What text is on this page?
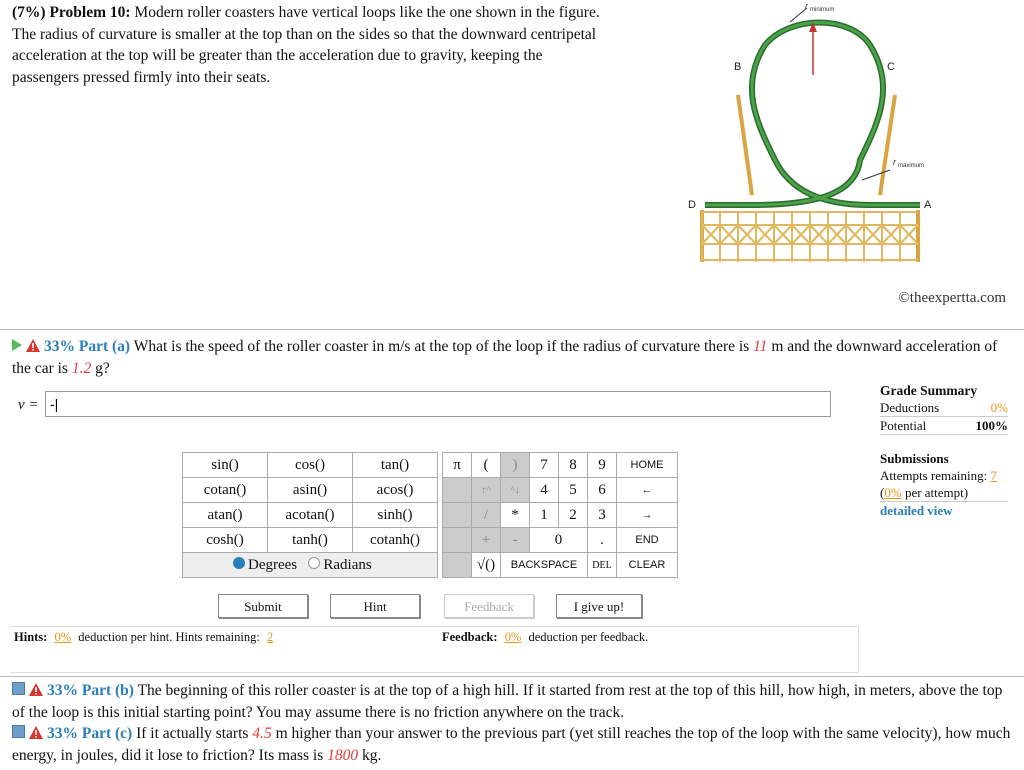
(7%) Problem 10: Modern roller coasters have vertical loops like the one shown in the figure. The radius of curvature is smaller at the top than on the sides so that the downward centripetal acceleration at the top will be greater than the acceleration due to gravity, keeping the passengers pressed firmly into their seats.
r minimum
r maximum
B	C
D	A
©theexpertta.com
33% Part (a) What is the speed of the roller coaster in m/s at the top of the loop if the radius of curvature there is 11 m and the downward acceleration of the car is 1.2 g?
v =
-|
Grade Summary
Deductions	0%
Potential	100%
Submissions
Attempts remaining: 7
(0% per attempt)
detailed view
sin()	cos()	tan()
cotan()	asin()	acos()
atan()	acotan()	sinh()
cosh()	tanh()	cotanh()
Degrees Radians		
π	(	)	7	8	9	HOME
	↑^	^↓	4	5	6	←
	/	*	1	2	3	→
	+	-	0		.	END
	√()	BACKSPACE			DEL	CLEAR
Submit	Hint	Feedback	I give up!
Hints: 0% deduction per hint. Hints remaining: 2	Feedback: 0% deduction per feedback.
33% Part (b) The beginning of this roller coaster is at the top of a high hill. If it started from rest at the top of this hill, how high, in meters, above the top of the loop is this initial starting point? You may assume there is no friction anywhere on the track.
33% Part (c) If it actually starts 4.5 m higher than your answer to the previous part (yet still reaches the top of the loop with the same velocity), how much energy, in joules, did it lose to friction? Its mass is 1800 kg.
